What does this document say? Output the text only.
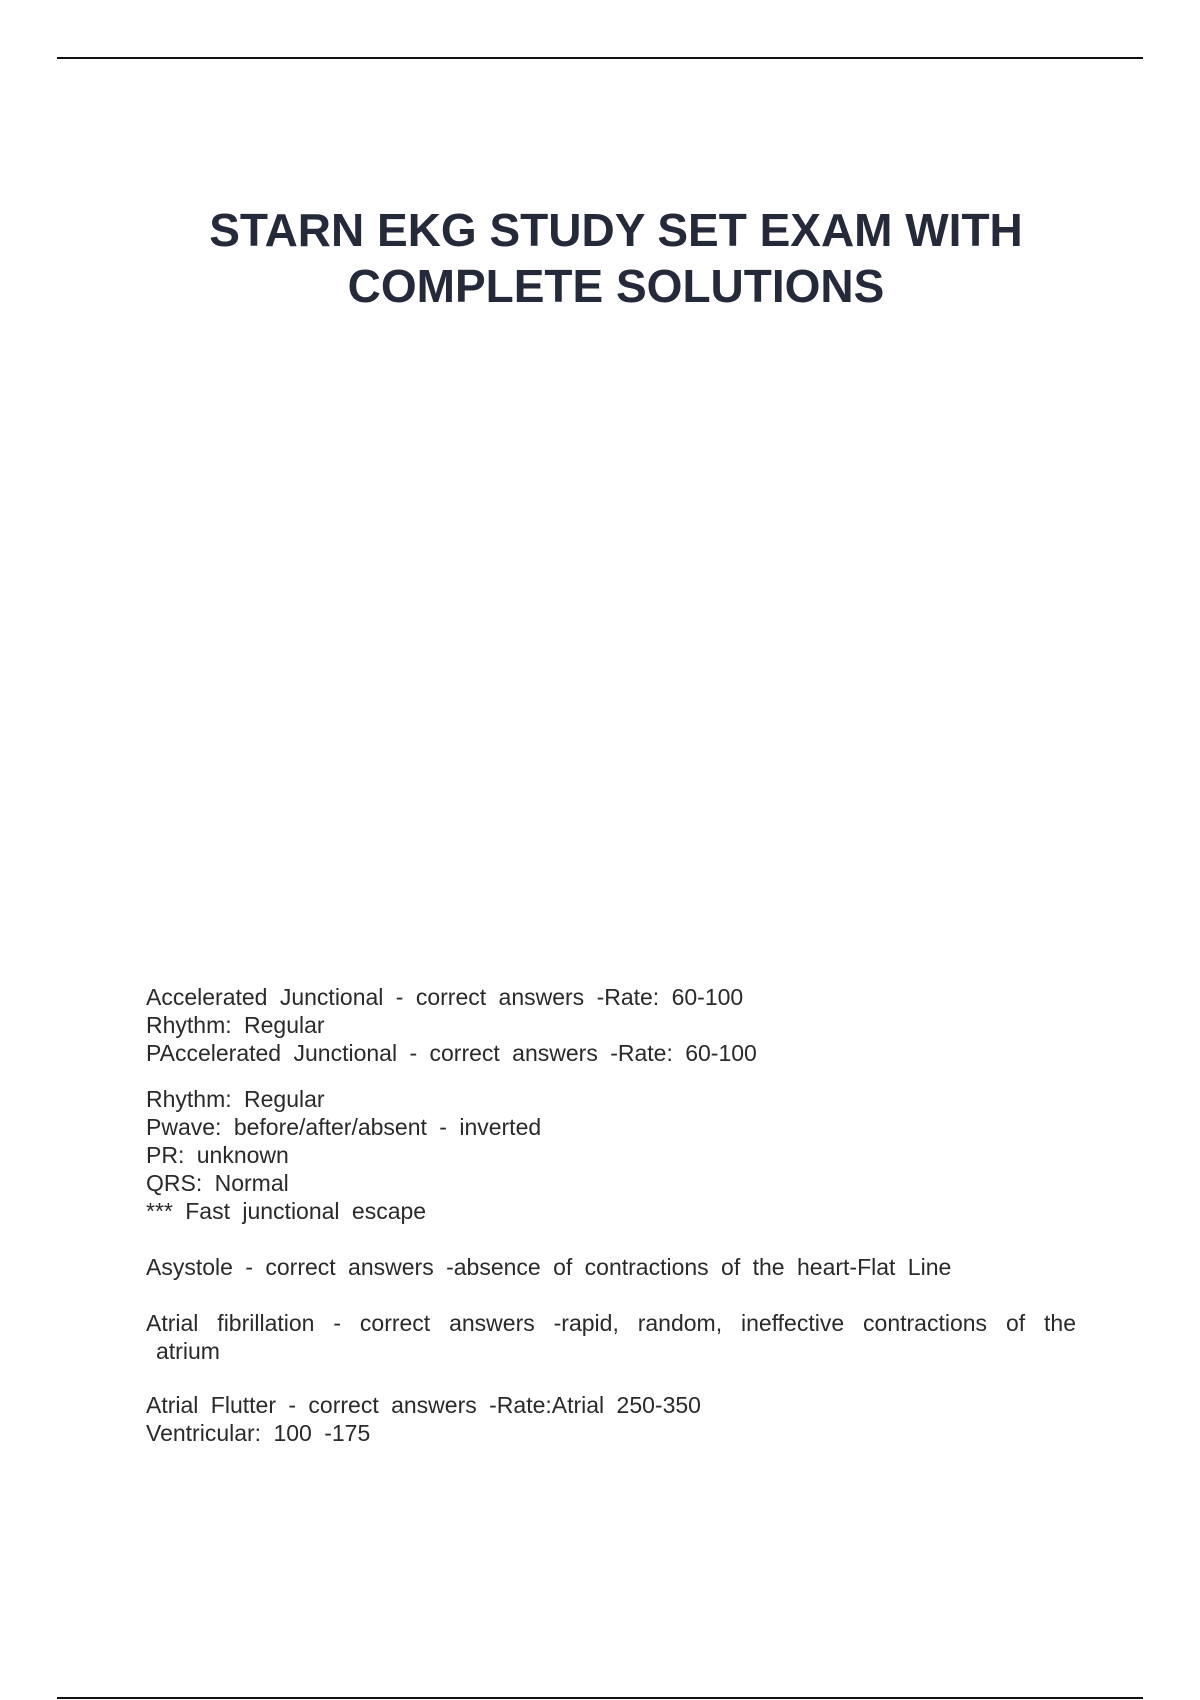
STARN EKG STUDY SET EXAM WITH
COMPLETE SOLUTIONS
Accelerated Junctional - correct answers -Rate: 60-100
Rhythm: Regular
PAccelerated Junctional - correct answers -Rate: 60-100
Rhythm: Regular
Pwave: before/after/absent - inverted
PR: unknown
QRS: Normal
*** Fast junctional escape
Asystole - correct answers -absence of contractions of the heart-Flat Line
Atrial fibrillation - correct answers -rapid, random, ineffective contractions of the
atrium
Atrial Flutter - correct answers -Rate:Atrial 250-350
Ventricular: 100 -175
